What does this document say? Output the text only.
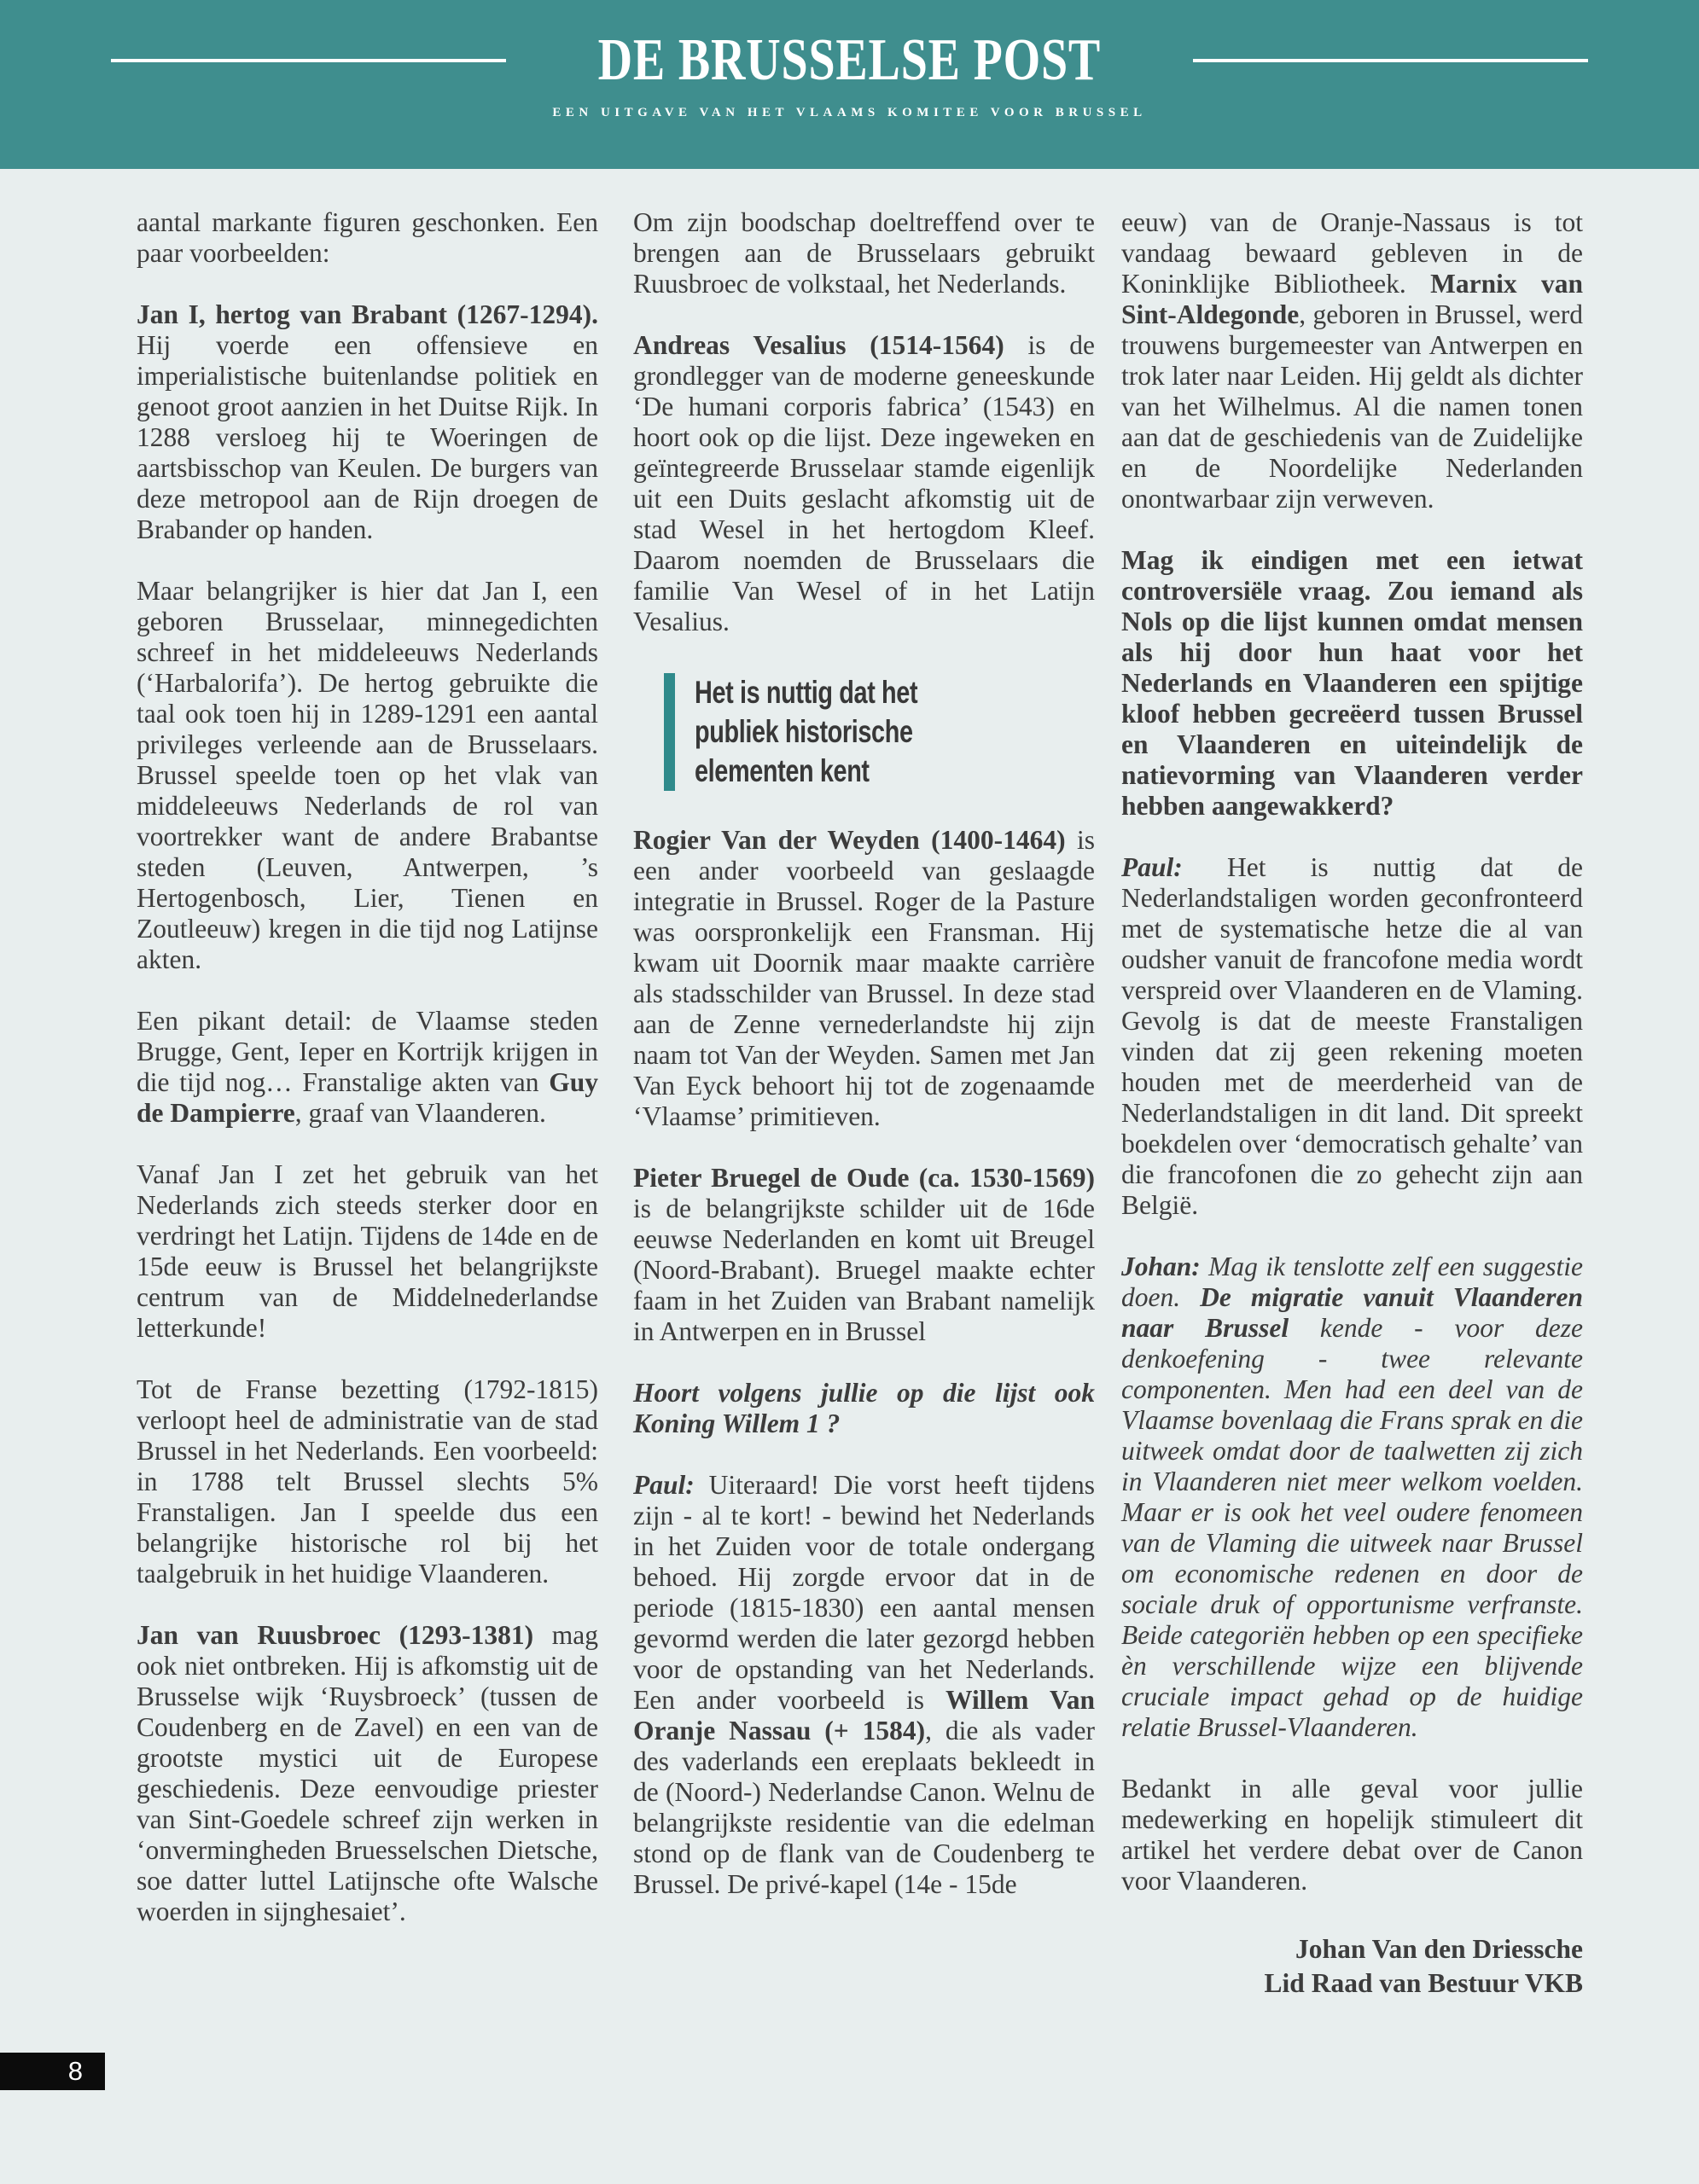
DE BRUSSELSE POST
EEN UITGAVE VAN HET VLAAMS KOMITEE VOOR BRUSSEL

aantal markante figuren geschonken. Een paar voorbeelden:

Jan I, hertog van Brabant (1267-1294). Hij voerde een offensieve en imperialistische buitenlandse politiek en genoot groot aanzien in het Duitse Rijk. In 1288 versloeg hij te Woeringen de aartsbisschop van Keulen. De burgers van deze metropool aan de Rijn droegen de Brabander op handen.

Maar belangrijker is hier dat Jan I, een geboren Brusselaar, minnegedichten schreef in het middeleeuws Nederlands (‘Harbalorifa’). De hertog gebruikte die taal ook toen hij in 1289-1291 een aantal privileges verleende aan de Brusselaars. Brussel speelde toen op het vlak van middeleeuws Nederlands de rol van voortrekker want de andere Brabantse steden (Leuven, Antwerpen, ’s Hertogenbosch, Lier, Tienen en Zoutleeuw) kregen in die tijd nog Latijnse akten.

Een pikant detail: de Vlaamse steden Brugge, Gent, Ieper en Kortrijk krijgen in die tijd nog… Franstalige akten van Guy de Dampierre, graaf van Vlaanderen.

Vanaf Jan I zet het gebruik van het Nederlands zich steeds sterker door en verdringt het Latijn. Tijdens de 14de en de 15de eeuw is Brussel het belangrijkste centrum van de Middelnederlandse letterkunde!

Tot de Franse bezetting (1792-1815) verloopt heel de administratie van de stad Brussel in het Nederlands. Een voorbeeld: in 1788 telt Brussel slechts 5% Franstaligen. Jan I speelde dus een belangrijke historische rol bij het taalgebruik in het huidige Vlaanderen.

Jan van Ruusbroec (1293-1381) mag ook niet ontbreken. Hij is afkomstig uit de Brusselse wijk ‘Ruysbroeck’ (tussen de Coudenberg en de Zavel) en een van de grootste mystici uit de Europese geschiedenis. Deze eenvoudige priester van Sint-Goedele schreef zijn werken in ‘onvermingheden Bruesselschen Dietsche, soe datter luttel Latijnsche ofte Walsche woerden in sijnghesaiet’.

Om zijn boodschap doeltreffend over te brengen aan de Brusselaars gebruikt Ruusbroec de volkstaal, het Nederlands.

Andreas Vesalius (1514-1564) is de grondlegger van de moderne geneeskunde ‘De humani corporis fabrica’ (1543) en hoort ook op die lijst. Deze ingeweken en geïntegreerde Brusselaar stamde eigenlijk uit een Duits geslacht afkomstig uit de stad Wesel in het hertogdom Kleef. Daarom noemden de Brusselaars die familie Van Wesel of in het Latijn Vesalius.

Het is nuttig dat het publiek historische elementen kent

Rogier Van der Weyden (1400-1464) is een ander voorbeeld van geslaagde integratie in Brussel. Roger de la Pasture was oorspronkelijk een Fransman. Hij kwam uit Doornik maar maakte carrière als stadsschilder van Brussel. In deze stad aan de Zenne vernederlandste hij zijn naam tot Van der Weyden. Samen met Jan Van Eyck behoort hij tot de zogenaamde ‘Vlaamse’ primitieven.

Pieter Bruegel de Oude (ca. 1530-1569) is de belangrijkste schilder uit de 16de eeuwse Nederlanden en komt uit Breugel (Noord-Brabant). Bruegel maakte echter faam in het Zuiden van Brabant namelijk in Antwerpen en in Brussel

Hoort volgens jullie op die lijst ook Koning Willem 1 ?

Paul: Uiteraard! Die vorst heeft tijdens zijn - al te kort! - bewind het Nederlands in het Zuiden voor de totale ondergang behoed. Hij zorgde ervoor dat in de periode (1815-1830) een aantal mensen gevormd werden die later gezorgd hebben voor de opstanding van het Nederlands. Een ander voorbeeld is Willem Van Oranje Nassau (+ 1584), die als vader des vaderlands een ereplaats bekleedt in de (Noord-) Nederlandse Canon. Welnu de belangrijkste residentie van die edelman stond op de flank van de Coudenberg te Brussel. De privé-kapel (14e - 15de

eeuw) van de Oranje-Nassaus is tot vandaag bewaard gebleven in de Koninklijke Bibliotheek. Marnix van Sint-Aldegonde, geboren in Brussel, werd trouwens burgemeester van Antwerpen en trok later naar Leiden. Hij geldt als dichter van het Wilhelmus. Al die namen tonen aan dat de geschiedenis van de Zuidelijke en de Noordelijke Nederlanden onontwarbaar zijn verweven.

Mag ik eindigen met een ietwat controversiële vraag. Zou iemand als Nols op die lijst kunnen omdat mensen als hij door hun haat voor het Nederlands en Vlaanderen een spijtige kloof hebben gecreëerd tussen Brussel en Vlaanderen en uiteindelijk de natievorming van Vlaanderen verder hebben aangewakkerd?

Paul: Het is nuttig dat de Nederlandstaligen worden geconfronteerd met de systematische hetze die al van oudsher vanuit de francofone media wordt verspreid over Vlaanderen en de Vlaming. Gevolg is dat de meeste Franstaligen vinden dat zij geen rekening moeten houden met de meerderheid van de Nederlandstaligen in dit land. Dit spreekt boekdelen over ‘democratisch gehalte’ van die francofonen die zo gehecht zijn aan België.

Johan: Mag ik tenslotte zelf een suggestie doen. De migratie vanuit Vlaanderen naar Brussel kende - voor deze denkoefening - twee relevante componenten. Men had een deel van de Vlaamse bovenlaag die Frans sprak en die uitweek omdat door de taalwetten zij zich in Vlaanderen niet meer welkom voelden. Maar er is ook het veel oudere fenomeen van de Vlaming die uitweek naar Brussel om economische redenen en door de sociale druk of opportunisme verfranste. Beide categoriën hebben op een specifieke èn verschillende wijze een blijvende cruciale impact gehad op de huidige relatie Brussel-Vlaanderen.

Bedankt in alle geval voor jullie medewerking en hopelijk stimuleert dit artikel het verdere debat over de Canon voor Vlaanderen.

Johan Van den Driessche
Lid Raad van Bestuur VKB

8
